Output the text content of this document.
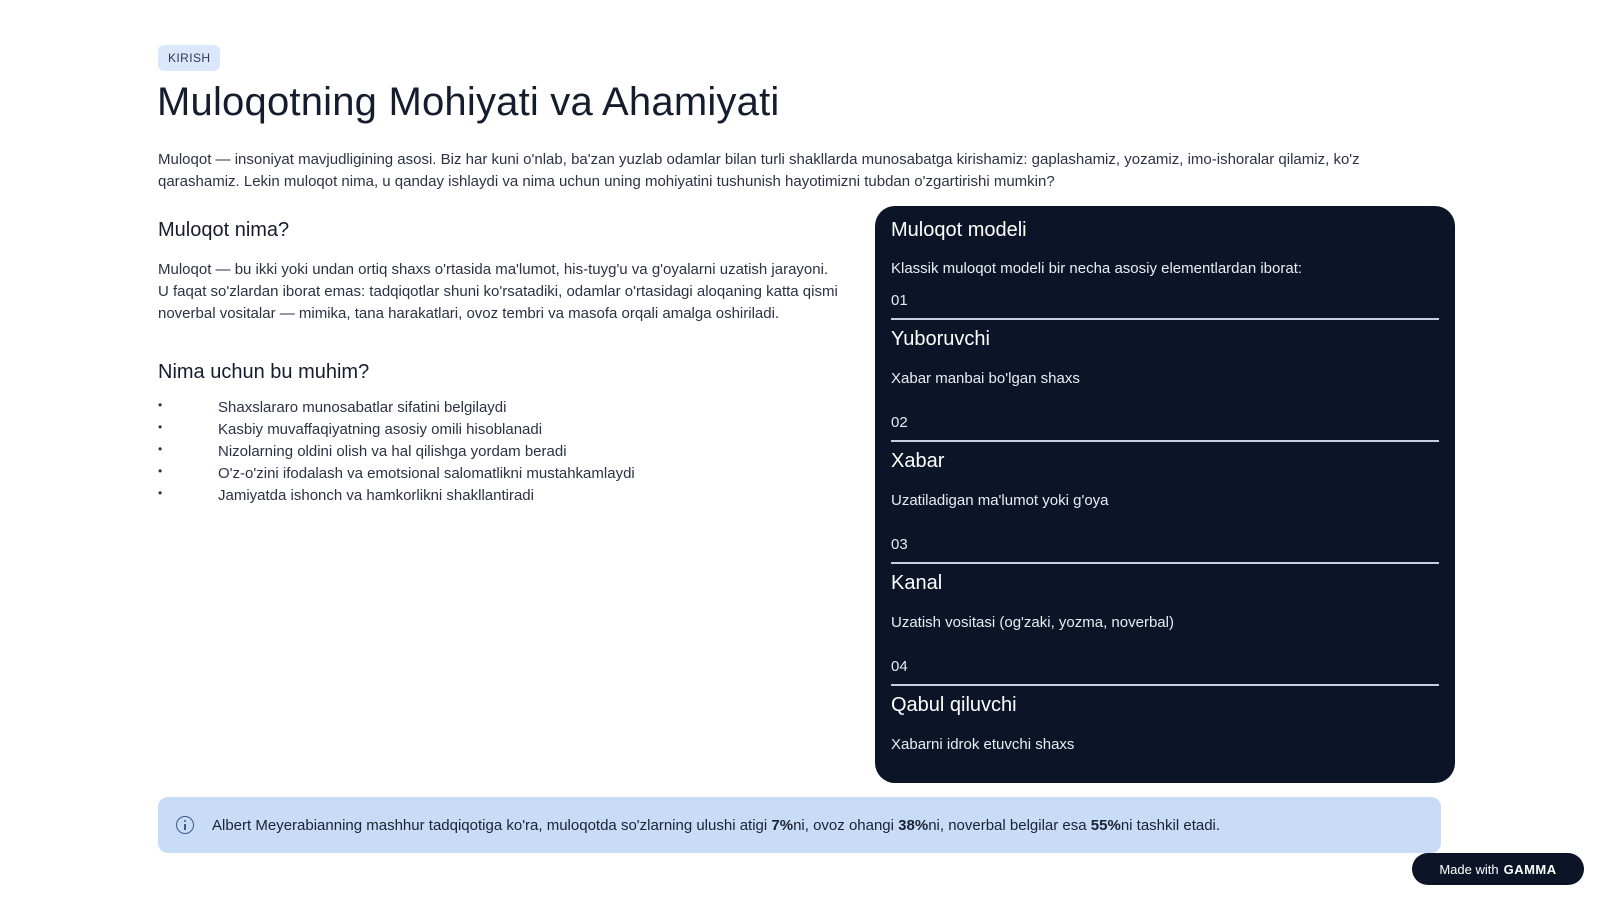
KIRISH
Muloqotning Mohiyati va Ahamiyati

Muloqot — insoniyat mavjudligining asosi. Biz har kuni o'nlab, ba'zan yuzlab odamlar bilan turli shakllarda munosabatga kirishamiz: gaplashamiz, yozamiz, imo-ishoralar qilamiz, ko'z qarashamiz. Lekin muloqot nima, u qanday ishlaydi va nima uchun uning mohiyatini tushunish hayotimizni tubdan o'zgartirishi mumkin?

Muloqot nima?

Muloqot — bu ikki yoki undan ortiq shaxs o'rtasida ma'lumot, his-tuyg'u va g'oyalarni uzatish jarayoni. U faqat so'zlardan iborat emas: tadqiqotlar shuni ko'rsatadiki, odamlar o'rtasidagi aloqaning katta qismi noverbal vositalar — mimika, tana harakatlari, ovoz tembri va masofa orqali amalga oshiriladi.

Nima uchun bu muhim?
• Shaxslararo munosabatlar sifatini belgilaydi
• Kasbiy muvaffaqiyatning asosiy omili hisoblanadi
• Nizolarning oldini olish va hal qilishga yordam beradi
• O'z-o'zini ifodalash va emotsional salomatlikni mustahkamlaydi
• Jamiyatda ishonch va hamkorlikni shakllantiradi
Muloqot modeli
Klassik muloqot modeli bir necha asosiy elementlardan iborat:
01
Yuboruvchi
Xabar manbai bo'lgan shaxs
02
Xabar
Uzatiladigan ma'lumot yoki g'oya
03
Kanal
Uzatish vositasi (og'zaki, yozma, noverbal)
04
Qabul qiluvchi
Xabarni idrok etuvchi shaxs
Albert Meyerabianning mashhur tadqiqotiga ko'ra, muloqotda so'zlarning ulushi atigi 7%ni, ovoz ohangi 38%ni, noverbal belgilar esa 55%ni tashkil etadi.
Made with GAMMA
